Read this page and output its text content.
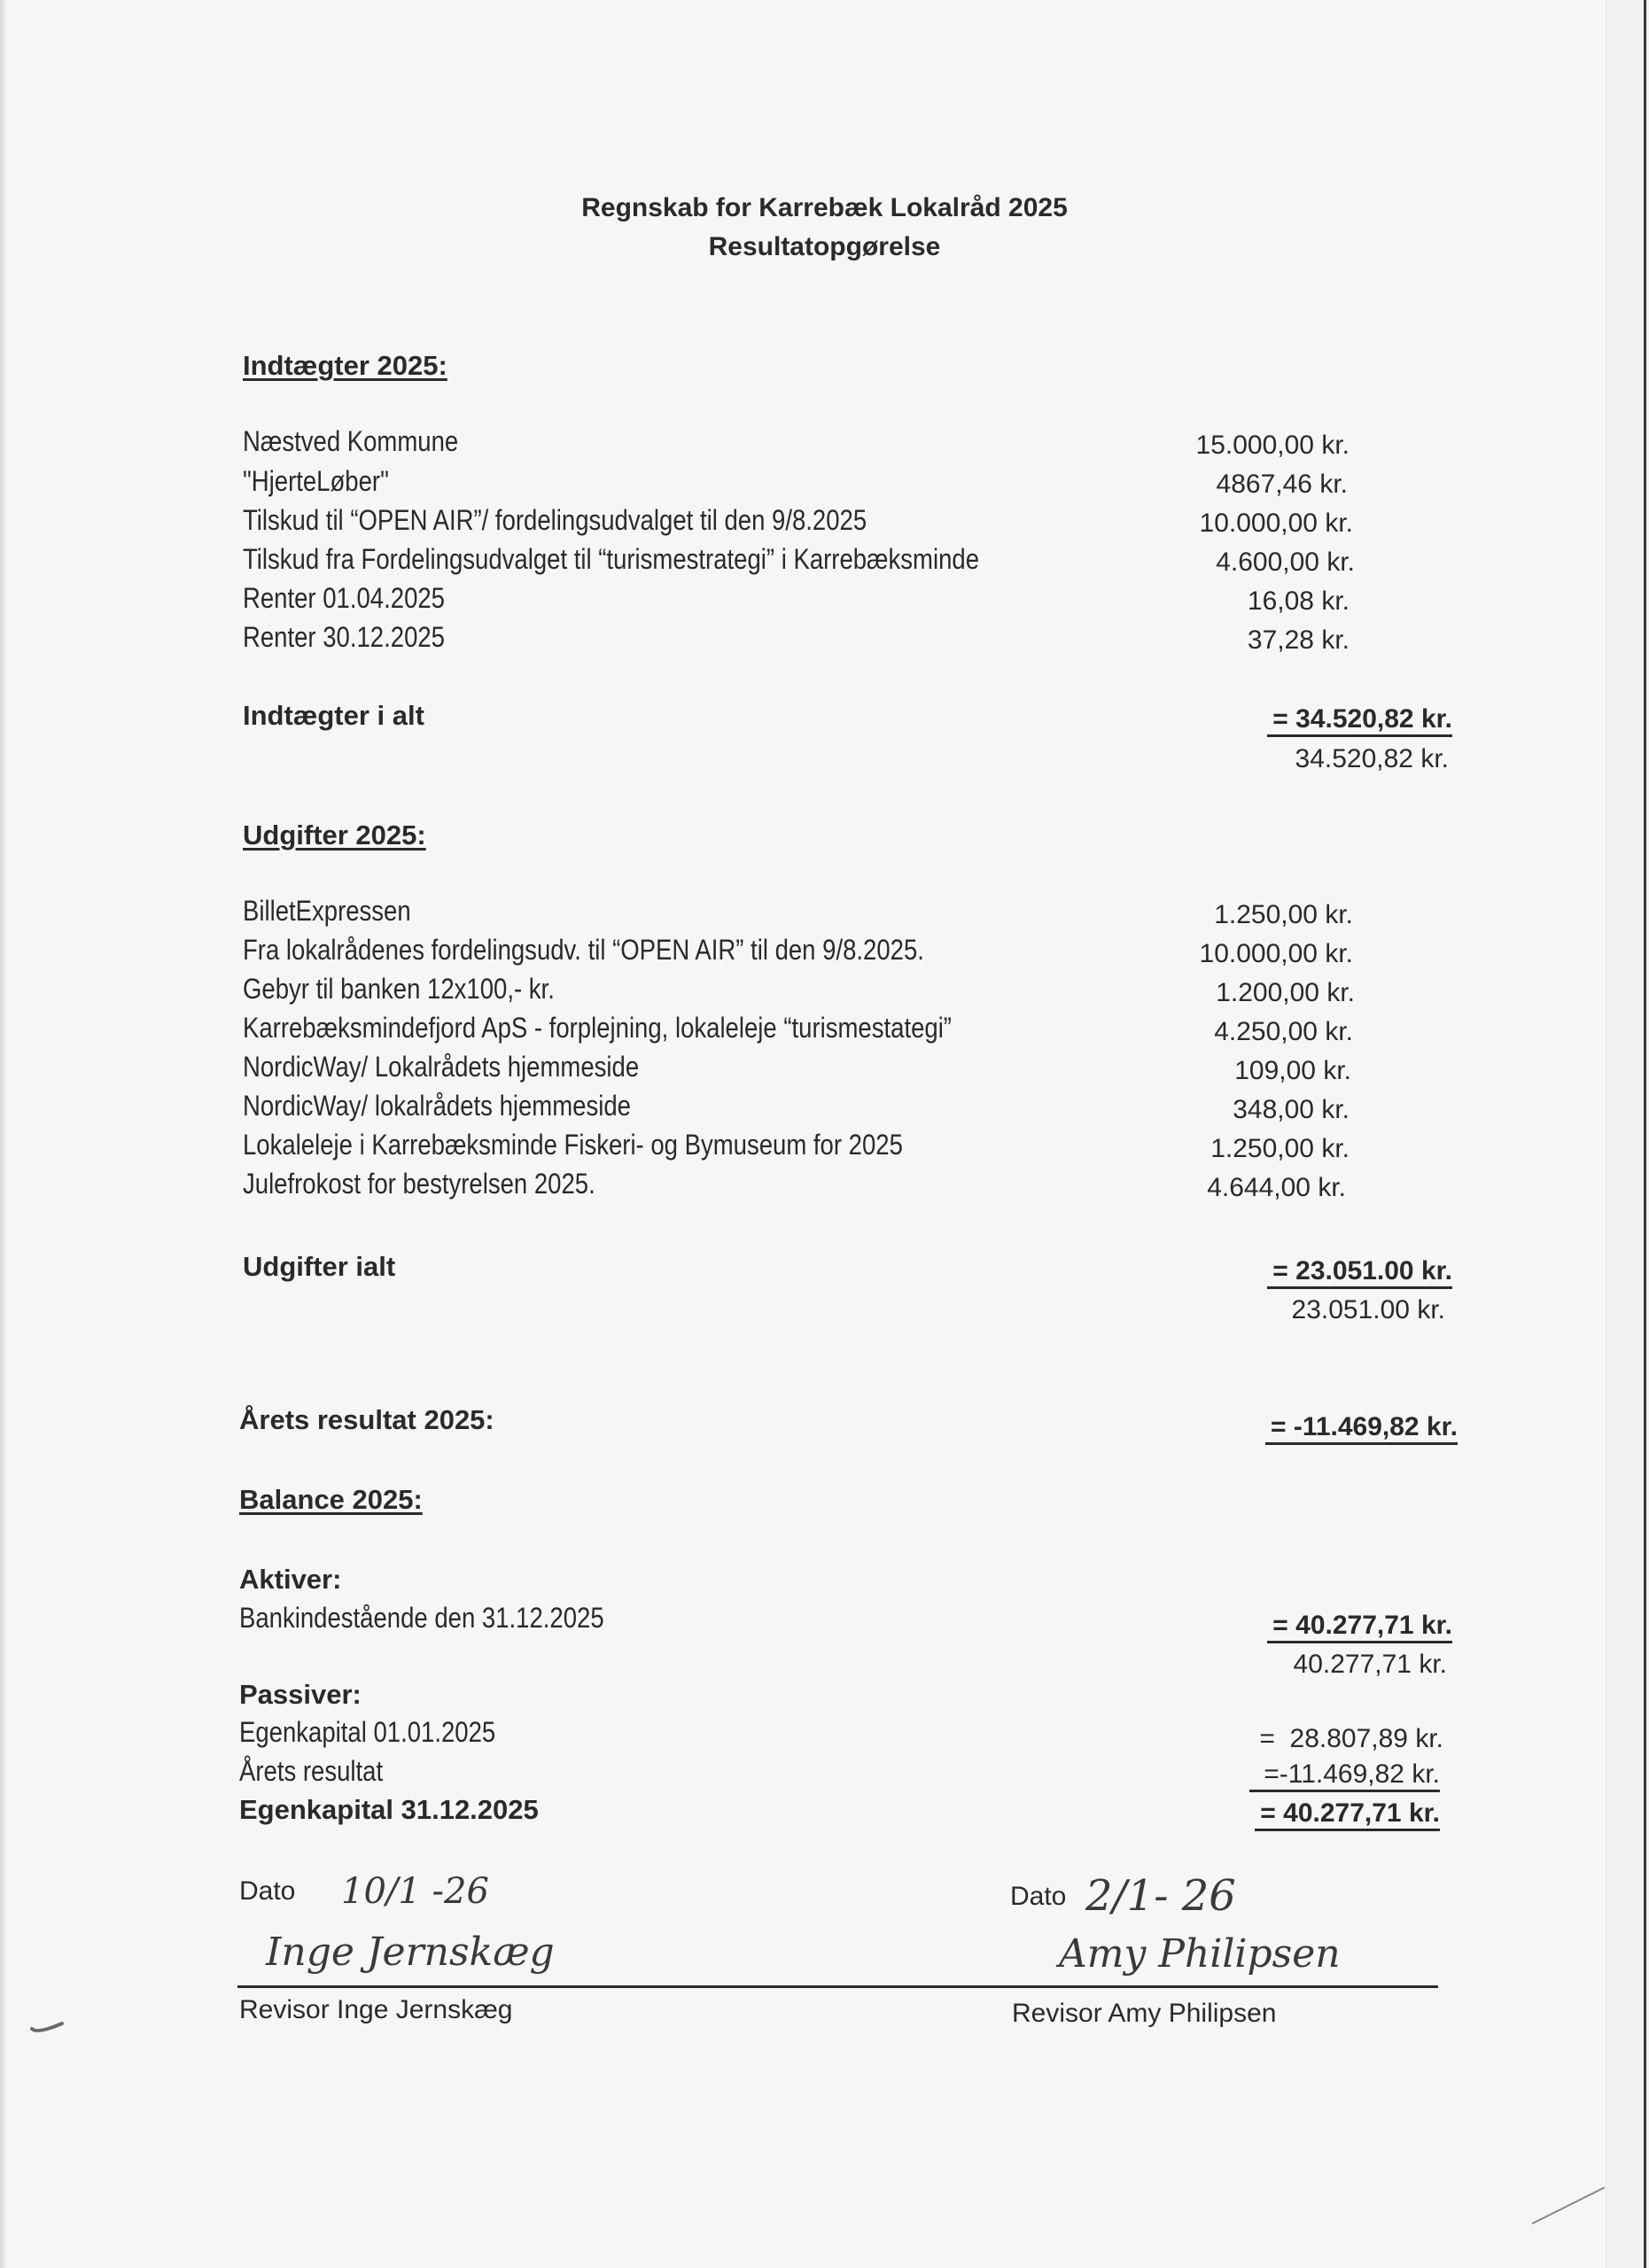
Regnskab for Karrebæk Lokalråd 2025
Resultatopgørelse
Indtægter 2025:
Næstved Kommune	15.000,00 kr.
"HjerteLøber"	4867,46 kr.
Tilskud til “OPEN AIR”/ fordelingsudvalget til den 9/8.2025	10.000,00 kr.
Tilskud fra Fordelingsudvalget til “turismestrategi” i Karrebæksminde	4.600,00 kr.
Renter 01.04.2025	16,08 kr.
Renter 30.12.2025	37,28 kr.
Indtægter i alt	= 34.520,82 kr.
34.520,82 kr.
Udgifter 2025:
BilletExpressen	1.250,00 kr.
Fra lokalrådenes fordelingsudv. til “OPEN AIR” til den 9/8.2025.	10.000,00 kr.
Gebyr til banken 12x100,- kr.	1.200,00 kr.
Karrebæksmindefjord ApS - forplejning, lokaleleje “turismestategi”	4.250,00 kr.
NordicWay/ Lokalrådets hjemmeside	109,00 kr.
NordicWay/ lokalrådets hjemmeside	348,00 kr.
Lokaleleje i Karrebæksminde Fiskeri- og Bymuseum for 2025	1.250,00 kr.
Julefrokost for bestyrelsen 2025.	4.644,00 kr.
Udgifter ialt	= 23.051.00 kr.
23.051.00 kr.
Årets resultat 2025:	= -11.469,82 kr.
Balance 2025:
Aktiver:
Bankindestående den 31.12.2025	= 40.277,71 kr.
40.277,71 kr.
Passiver:
Egenkapital 01.01.2025	=  28.807,89 kr.
Årets resultat	=-11.469,82 kr.
Egenkapital 31.12.2025	= 40.277,71 kr.
Dato 10/1 -26
Inge Jernskæg
Revisor Inge Jernskæg
Dato 2/1- 26
Amy Philipsen
Revisor Amy Philipsen
